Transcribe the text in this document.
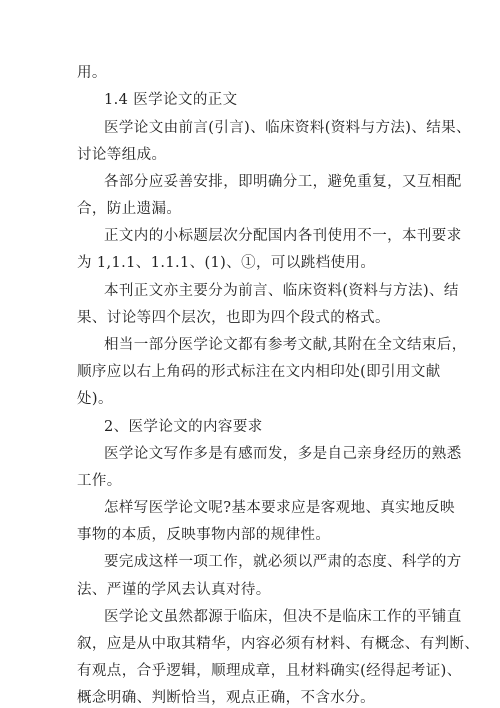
用。
1.4 医学论文的正文
医学论文由前言(引言)、临床资料(资料与方法)、结果、
讨论等组成。
各部分应妥善安排，即明确分工，避免重复，又互相配
合，防止遗漏。
正文内的小标题层次分配国内各刊使用不一，本刊要求
为 1,1.1、1.1.1、(1)、①，可以跳档使用。
本刊正文亦主要分为前言、临床资料(资料与方法)、结
果、讨论等四个层次，也即为四个段式的格式。
相当一部分医学论文都有参考文献,其附在全文结束后，
顺序应以右上角码的形式标注在文内相印处(即引用文献
处)。
2、医学论文的内容要求
医学论文写作多是有感而发，多是自己亲身经历的熟悉
工作。
怎样写医学论文呢?基本要求应是客观地、真实地反映
事物的本质，反映事物内部的规律性。
要完成这样一项工作，就必须以严肃的态度、科学的方
法、严谨的学风去认真对待。
医学论文虽然都源于临床，但决不是临床工作的平铺直
叙，应是从中取其精华，内容必须有材料、有概念、有判断、
有观点，合乎逻辑，顺理成章，且材料确实(经得起考证)、
概念明确、判断恰当，观点正确，不含水分。
